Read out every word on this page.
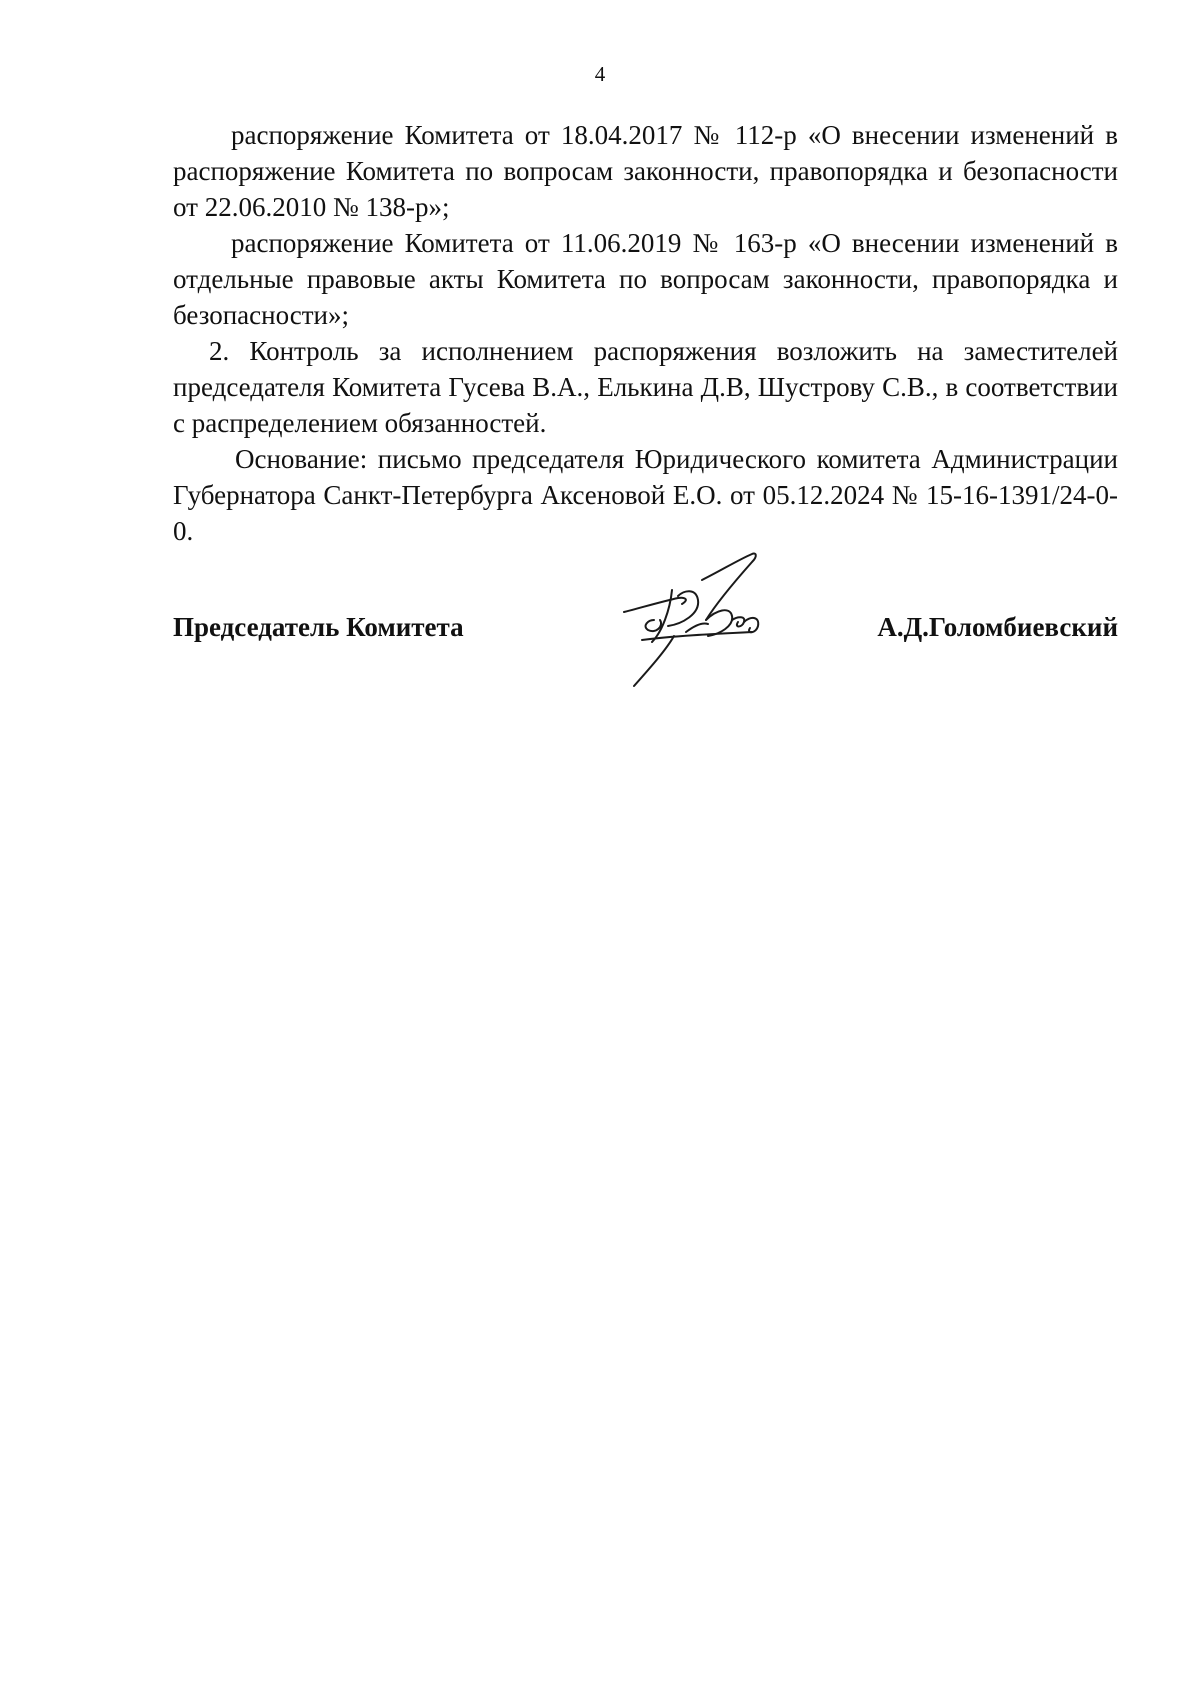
4

распоряжение Комитета от 18.04.2017 № 112-р «О внесении изменений в распоряжение Комитета по вопросам законности, правопорядка и безопасности от 22.06.2010 № 138-р»;

распоряжение Комитета от 11.06.2019 № 163-р «О внесении изменений в отдельные правовые акты Комитета по вопросам законности, правопорядка и безопасности»;

2. Контроль за исполнением распоряжения возложить на заместителей председателя Комитета Гусева В.А., Елькина Д.В, Шустрову С.В., в соответствии с распределением обязанностей.

Основание: письмо председателя Юридического комитета Администрации Губернатора Санкт-Петербурга Аксеновой Е.О. от 05.12.2024 № 15-16-1391/24-0-0.

Председатель Комитета	А.Д.Голомбиевский
